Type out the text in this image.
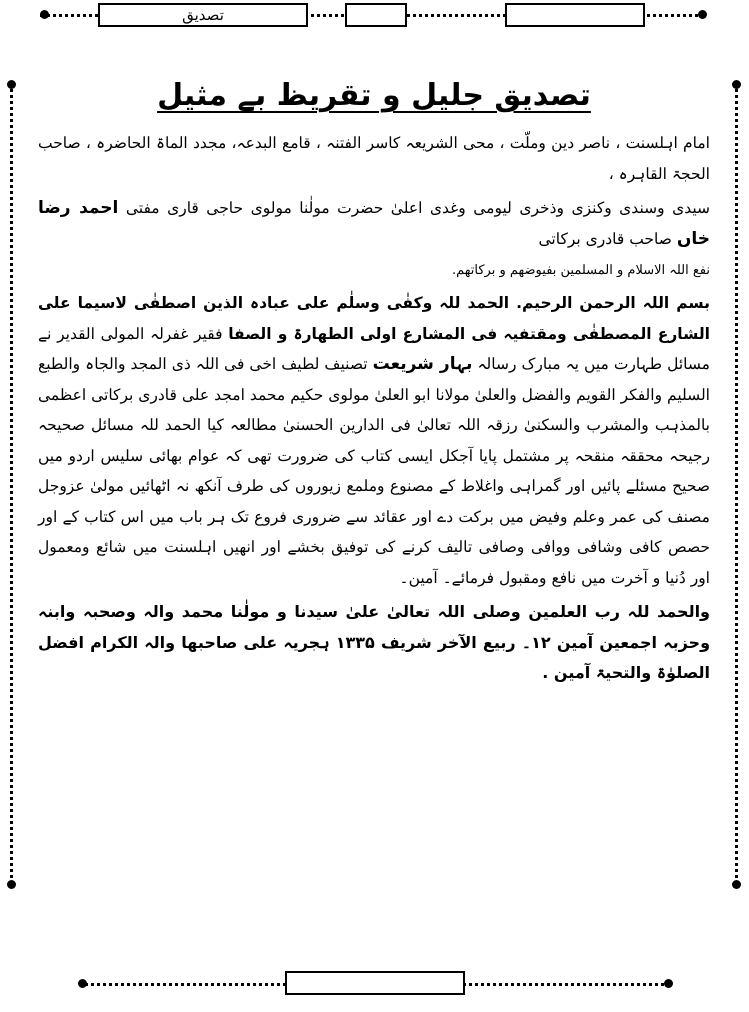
تصدیق
تصدیق جلیل و تقریظ بے مثیل

امام اہلسنت ، ناصر دین وملّت ، محی الشریعہ کاسر الفتنہ ، قامع البدعہ، مجدد الماۃ الحاضرہ ، صاحب الحجۃ القاہرہ ،

سیدی وسندی وکنزی وذخری لیومی وغدی اعلیٰ حضرت مولٰنا مولوی حاجی قاری مفتی احمد رضا خاں صاحب قادری برکاتی

نفع اللہ الاسلام و المسلمین بفیوضھم و برکاتھم.

بسم اللہ الرحمن الرحیم. الحمد للہ وکفٰی وسلٰم علی عبادہ الذین اصطفٰی لاسیما علی الشارع المصطفٰی ومقتفیہ فی المشارع اولی الطھارۃ و الصفا فقیر غفرلہ المولی القدیر نے مسائل طہارت میں یہ مبارک رسالہ بہار شریعت تصنیف لطیف اخی فی اللہ ذی المجد والجاہ والطبع السلیم والفکر القویم والفضل والعلیٰ مولانا ابو العلیٰ مولوی حکیم محمد امجد علی قادری برکاتی اعظمی بالمذہب والمشرب والسکنیٰ رزقہ اللہ تعالیٰ فی الدارین الحسنیٰ مطالعہ کیا الحمد للہ مسائل صحیحہ رجیحہ محققہ منقحہ پر مشتمل پایا آجکل ایسی کتاب کی ضرورت تھی کہ عوام بھائی سلیس اردو میں صحیح مسئلے پائیں اور گمراہی واغلاط کے مصنوع وملمع زیوروں کی طرف آنکھ نہ اٹھائیں مولیٰ عزوجل مصنف کی عمر وعلم وفیض میں برکت دے اور عقائد سے ضروری فروع تک ہر باب میں اس کتاب کے اور حصص کافی وشافی ووافی وصافی تالیف کرنے کی توفیق بخشے اور انھیں اہلسنت میں شائع ومعمول اور دُنیا و آخرت میں نافع ومقبول فرمائے۔ آمین۔

والحمد للہ رب العلمین وصلی اللہ تعالیٰ علیٰ سیدنا و مولٰنا محمد والہ وصحبہ وابنہ وحزبہ اجمعین آمین ۱۲۔ ربیع الآخر شریف ۱۳۳۵ ہجریہ علی صاحبھا والہ الکرام افضل الصلوٰۃ والتحیۃ آمین .
